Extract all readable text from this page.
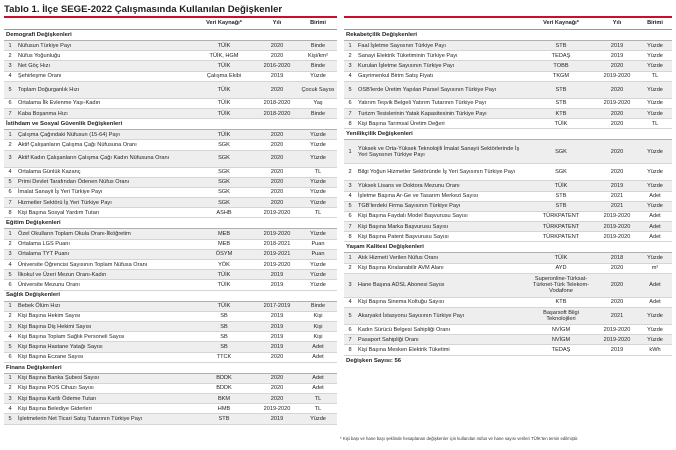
Tablo 1. İlçe SEGE-2022 Çalışmasında Kullanılan Değişkenler
		Veri Kaynağı*	Yılı	Birimi
Demografi Değişkenleri				
1	Nüfusun Türkiye Payı	TÜİK	2020	Binde
2	Nüfus Yoğunluğu	TÜİK, HGM	2020	Kişi/km²
3	Net Göç Hızı	TÜİK	2016-2020	Binde
4	Şehirleşme Oranı	Çalışma Ekibi	2019	Yüzde
5	Toplam Doğurganlık Hızı	TÜİK	2020	Çocuk Sayısı
6	Ortalama İlk Evlenme Yaşı-Kadın	TÜİK	2018-2020	Yaş
7	Kaba Boşanma Hızı	TÜİK	2018-2020	Binde
İstihdam ve Sosyal Güvenlik Değişkenleri				
1	Çalışma Çağındaki Nüfusun (15-64) Payı	TÜİK	2020	Yüzde
2	Aktif Çalışanların Çalışma Çağı Nüfusuna Oranı	SGK	2020	Yüzde
3	Aktif Kadın Çalışanların Çalışma Çağı Kadın Nüfusuna Oranı	SGK	2020	Yüzde
4	Ortalama Günlük Kazanç	SGK	2020	TL
5	Primi Devlet Tarafından Ödenen Nüfus Oranı	SGK	2020	Yüzde
6	İmalat Sanayii İş Yeri Türkiye Payı	SGK	2020	Yüzde
7	Hizmetler Sektörü İş Yeri Türkiye Payı	SGK	2020	Yüzde
8	Kişi Başına Sosyal Yardım Tutarı	ASHB	2019-2020	TL
Eğitim Değişkenleri				
1	Özel Okulların Toplam Okula Oranı-İlköğretim	MEB	2019-2020	Yüzde
2	Ortalama LGS Puanı	MEB	2018-2021	Puan
3	Ortalama TYT Puanı	ÖSYM	2019-2021	Puan
4	Üniversite Öğrencisi Sayısının Toplam Nüfusa Oranı	YÖK	2019-2020	Yüzde
5	İlkokul ve Üzeri Mezun Oranı-Kadın	TÜİK	2019	Yüzde
6	Üniversite Mezunu Oranı	TÜİK	2019	Yüzde
Sağlık Değişkenleri				
1	Bebek Ölüm Hızı	TÜİK	2017-2019	Binde
2	Kişi Başına Hekim Sayısı	SB	2019	Kişi
3	Kişi Başına Diş Hekimi Sayısı	SB	2019	Kişi
4	Kişi Başına Toplam Sağlık Personeli Sayısı	SB	2019	Kişi
5	Kişi Başına Hastane Yatağı Sayısı	SB	2019	Adet
6	Kişi Başına Eczane Sayısı	TTCK	2020	Adet
Finans Değişkenleri				
1	Kişi Başına Banka Şubesi Sayısı	BDDK	2020	Adet
2	Kişi Başına POS Cihazı Sayısı	BDDK	2020	Adet
3	Kişi Başına Kartlı Ödeme Tutarı	BKM	2020	TL
4	Kişi Başına Belediye Giderleri	HMB	2019-2020	TL
5	İşletmelerin Net Ticari Satış Tutarının Türkiye Payı	STB	2019	Yüzde
		Veri Kaynağı*	Yılı	Birimi
Rekabetçilik Değişkenleri				
1	Faal İşletme Sayısının Türkiye Payı	STB	2019	Yüzde
2	Sanayi Elektrik Tüketiminin Türkiye Payı	TEDAŞ	2019	Yüzde
3	Kurulan İşletme Sayısının Türkiye Payı	TOBB	2020	Yüzde
4	Gayrimenkul Birim Satış Fiyatı	TKGM	2019-2020	TL
5	OSB'lerde Üretim Yapılan Parsel Sayısının Türkiye Payı	STB	2020	Yüzde
6	Yatırım Teşvik Belgeli Yatırım Tutarının Türkiye Payı	STB	2019-2020	Yüzde
7	Turizm Tesislerinin Yatak Kapasitesinin Türkiye Payı	KTB	2020	Yüzde
8	Kişi Başına Tarımsal Üretim Değeri	TÜİK	2020	TL
Yenilikçilik Değişkenleri				
1	Yüksek ve Orta-Yüksek Teknolojili İmalat Sanayii Sektörlerinde İş Yeri Sayısının Türkiye Payı	SGK	2020	Yüzde
2	Bilgi Yoğun Hizmetler Sektöründe İş Yeri Sayısının Türkiye Payı	SGK	2020	Yüzde
3	Yüksek Lisans ve Doktora Mezunu Oranı	TÜİK	2019	Yüzde
4	İşletme Başına Ar-Ge ve Tasarım Merkezi Sayısı	STB	2021	Adet
5	TGB'lerdeki Firma Sayısının Türkiye Payı	STB	2021	Yüzde
6	Kişi Başına Faydalı Model Başvurusu Sayısı	TÜRKPATENT	2019-2020	Adet
7	Kişi Başına Marka Başvurusu Sayısı	TÜRKPATENT	2019-2020	Adet
8	Kişi Başına Patent Başvurusu Sayısı	TÜRKPATENT	2019-2020	Adet
Yaşam Kalitesi Değişkenleri				
1	Atık Hizmeti Verilen Nüfus Oranı	TÜİK	2018	Yüzde
2	Kişi Başına Kiralanabilir AVM Alanı	AYD	2020	m²
3	Hane Başına ADSL Abonesi Sayısı	Superonline-Türksat-Türknet-Türk Telekom-Vodafone	2020	Adet
4	Kişi Başına Sinema Koltuğu Sayısı	KTB	2020	Adet
5	Akaryakıt İstasyonu Sayısının Türkiye Payı	Başarsoft Bilgi Teknolojileri	2021	Yüzde
6	Kadın Sürücü Belgesi Sahipliği Oranı	NVİGM	2019-2020	Yüzde
7	Pasaport Sahipliği Oranı	NVİGM	2019-2020	Yüzde
8	Kişi Başına Mesken Elektrik Tüketimi	TEDAŞ	2019	kWh
Değişken Sayısı: 56
* Kişi başı ve hane başı şeklinde hesaplanan değişkenler için kullanılan nüfus ve hane sayısı verileri TÜİK'ten temin edilmiştir.
